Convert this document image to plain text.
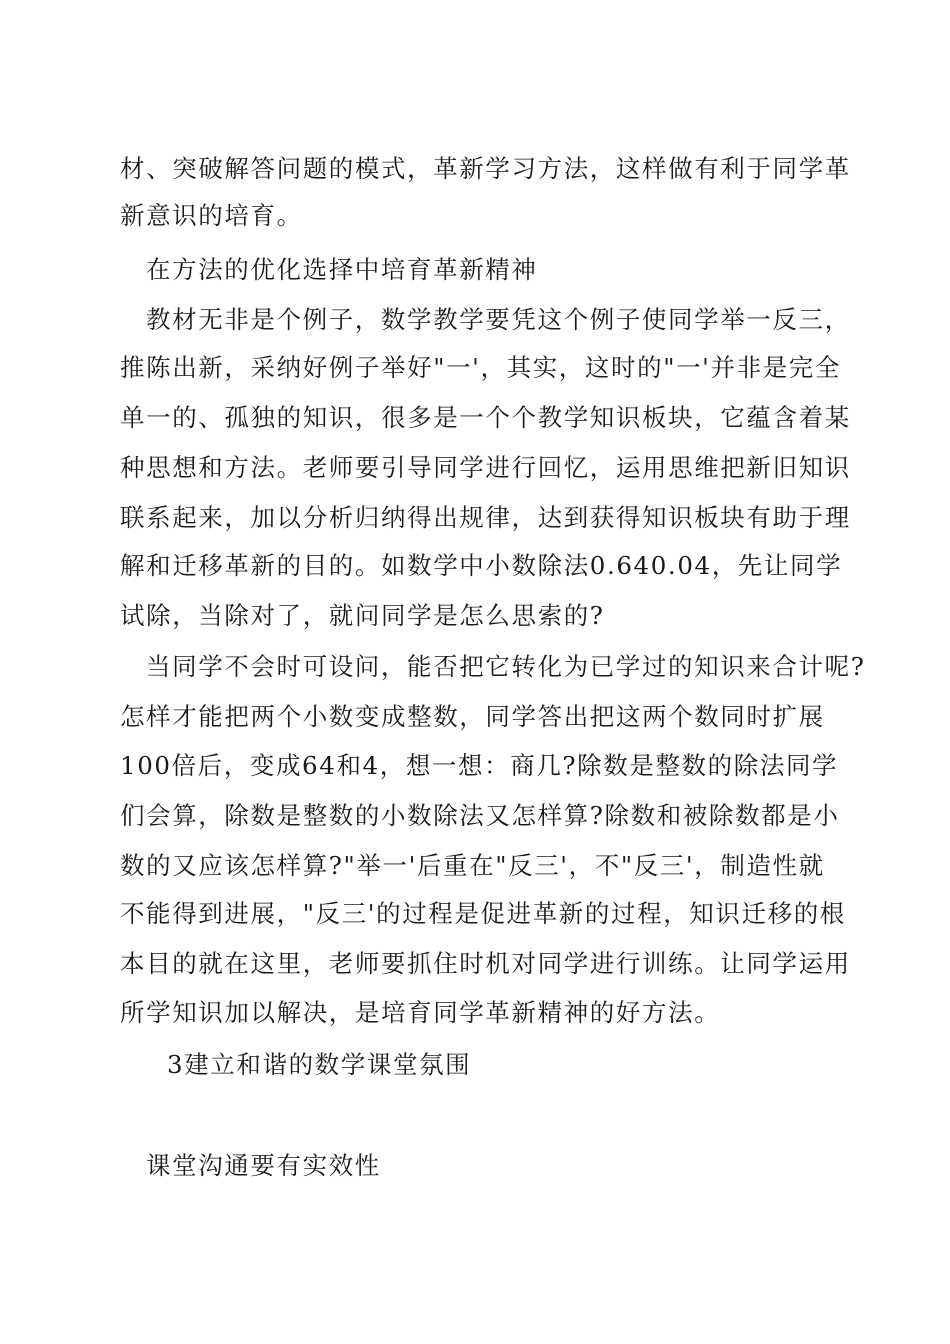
材、突破解答问题的模式，革新学习方法，这样做有利于同学革
新意识的培育。
在方法的优化选择中培育革新精神
教材无非是个例子，数学教学要凭这个例子使同学举一反三，
推陈出新，采纳好例子举好"一'，其实，这时的"一'并非是完全
单一的、孤独的知识，很多是一个个教学知识板块，它蕴含着某
种思想和方法。老师要引导同学进行回忆，运用思维把新旧知识
联系起来，加以分析归纳得出规律，达到获得知识板块有助于理
解和迁移革新的目的。如数学中小数除法0.640.04，先让同学
试除，当除对了，就问同学是怎么思索的?
当同学不会时可设问，能否把它转化为已学过的知识来合计呢?
怎样才能把两个小数变成整数，同学答出把这两个数同时扩展
100倍后，变成64和4，想一想：商几?除数是整数的除法同学
们会算，除数是整数的小数除法又怎样算?除数和被除数都是小
数的又应该怎样算?"举一'后重在"反三'，不"反三'，制造性就
不能得到进展，"反三'的过程是促进革新的过程，知识迁移的根
本目的就在这里，老师要抓住时机对同学进行训练。让同学运用
所学知识加以解决，是培育同学革新精神的好方法。
3建立和谐的数学课堂氛围
课堂沟通要有实效性
